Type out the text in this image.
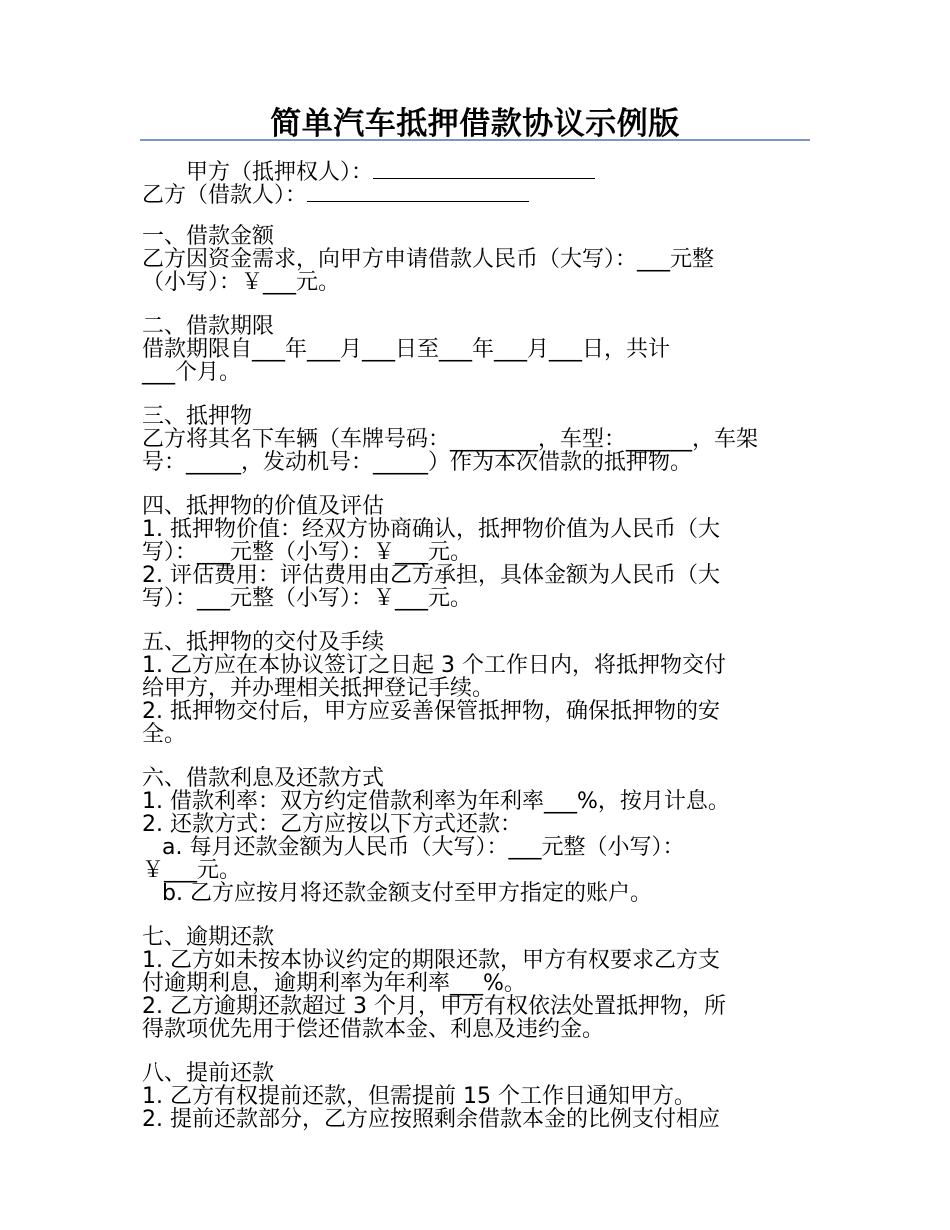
简单汽车抵押借款协议示例版
甲方（抵押权人）：
乙方（借款人）：
一、借款金额
乙方因资金需求，向甲方申请借款人民币（大写）：___元整
（小写）：￥___元。
二、借款期限
借款期限自___年___月___日至___年___月___日，共计
___个月。
三、抵押物
乙方将其名下车辆（车牌号码：________，车型：______，车架
号：_____，发动机号：_____）作为本次借款的抵押物。
四、抵押物的价值及评估
1. 抵押物价值：经双方协商确认，抵押物价值为人民币（大
写）：___元整（小写）：￥___元。
2. 评估费用：评估费用由乙方承担，具体金额为人民币（大
写）：___元整（小写）：￥___元。
五、抵押物的交付及手续
1. 乙方应在本协议签订之日起 3 个工作日内，将抵押物交付
给甲方，并办理相关抵押登记手续。
2. 抵押物交付后，甲方应妥善保管抵押物，确保抵押物的安
全。
六、借款利息及还款方式
1. 借款利率：双方约定借款利率为年利率___%，按月计息。
2. 还款方式：乙方应按以下方式还款：
a. 每月还款金额为人民币（大写）：___元整（小写）：
￥___元。
b. 乙方应按月将还款金额支付至甲方指定的账户。
七、逾期还款
1. 乙方如未按本协议约定的期限还款，甲方有权要求乙方支
付逾期利息，逾期利率为年利率___%。
2. 乙方逾期还款超过 3 个月，甲方有权依法处置抵押物，所
得款项优先用于偿还借款本金、利息及违约金。
八、提前还款
1. 乙方有权提前还款，但需提前 15 个工作日通知甲方。
2. 提前还款部分，乙方应按照剩余借款本金的比例支付相应
